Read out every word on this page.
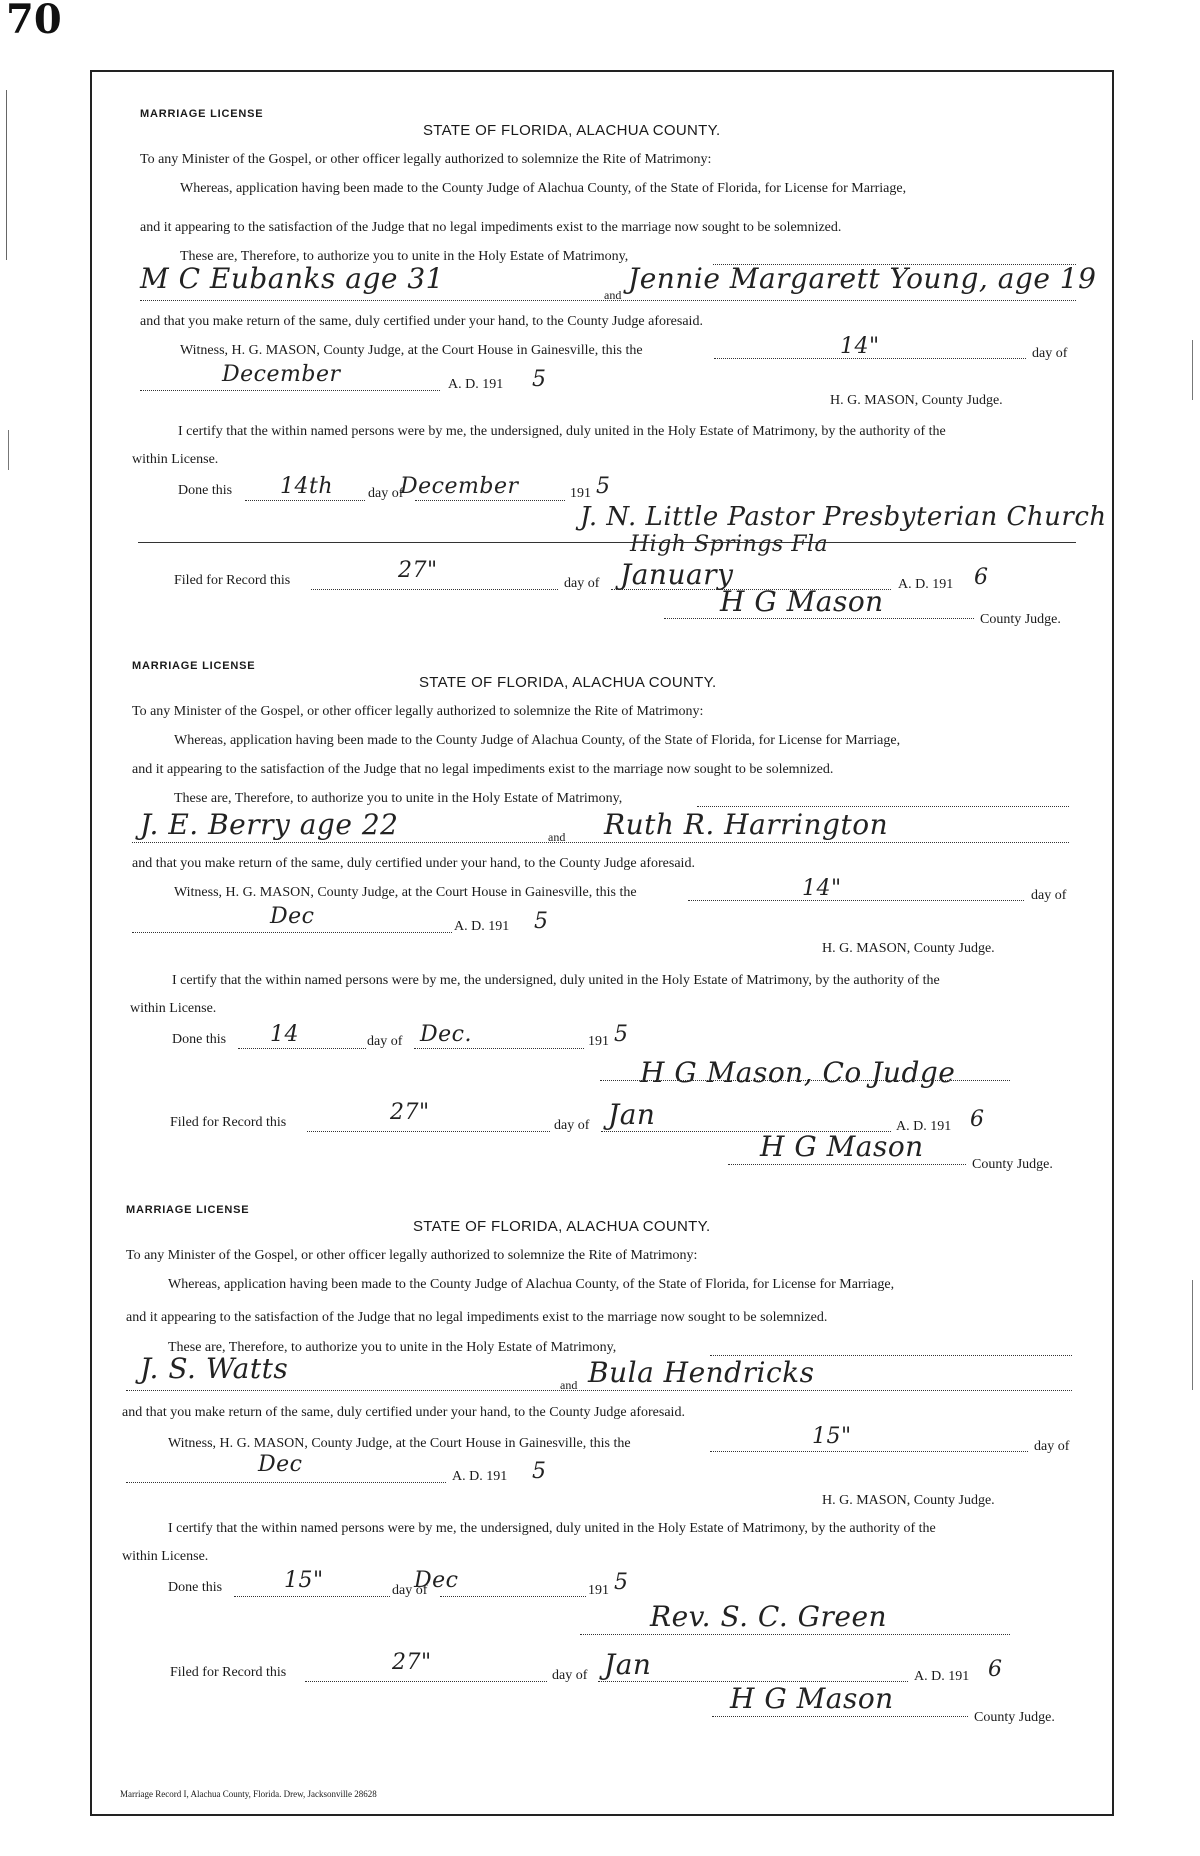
70
MARRIAGE LICENSE
STATE OF FLORIDA, ALACHUA COUNTY.
To any Minister of the Gospel, or other officer legally authorized to solemnize the Rite of Matrimony:
Whereas, application having been made to the County Judge of Alachua County, of the State of Florida, for License for Marriage,
and it appearing to the satisfaction of the Judge that no legal impediments exist to the marriage now sought to be solemnized.
These are, Therefore, to authorize you to unite in the Holy Estate of Matrimony,
M C Eubanks age 31	and Jennie Margarett Young, age 19
and that you make return of the same, duly certified under your hand, to the County Judge aforesaid.
Witness, H. G. MASON, County Judge, at the Court House in Gainesville, this the	14"	day of
December	A. D. 191 5
H. G. MASON, County Judge.
I certify that the within named persons were by me, the undersigned, duly united in the Holy Estate of Matrimony, by the authority of the
within License.
Done this 14th day of
December	191 5
J. N. Little Pastor Presbyterian Church
High Springs Fla
Filed for Record this	27"
day of January	A. D. 191 6
H G Mason
County Judge.
MARRIAGE LICENSE
STATE OF FLORIDA, ALACHUA COUNTY.
To any Minister of the Gospel, or other officer legally authorized to solemnize the Rite of Matrimony:
Whereas, application having been made to the County Judge of Alachua County, of the State of Florida, for License for Marriage,
and it appearing to the satisfaction of the Judge that no legal impediments exist to the marriage now sought to be solemnized.
These are, Therefore, to authorize you to unite in the Holy Estate of Matrimony,
J. E. Berry age 22	and Ruth R. Harrington
and that you make return of the same, duly certified under your hand, to the County Judge aforesaid.
Witness, H. G. MASON, County Judge, at the Court House in Gainesville, this the	14"	day of
Dec	A. D. 191 5
H. G. MASON, County Judge.
I certify that the within named persons were by me, the undersigned, duly united in the Holy Estate of Matrimony, by the authority of the
within License.
Done this 14	day of Dec.	191 5
H G Mason, Co Judge
Filed for Record this	27"
day of Jan	A. D. 191 6
H G Mason
County Judge.
MARRIAGE LICENSE
STATE OF FLORIDA, ALACHUA COUNTY.
To any Minister of the Gospel, or other officer legally authorized to solemnize the Rite of Matrimony:
Whereas, application having been made to the County Judge of Alachua County, of the State of Florida, for License for Marriage,
and it appearing to the satisfaction of the Judge that no legal impediments exist to the marriage now sought to be solemnized.
These are, Therefore, to authorize you to unite in the Holy Estate of Matrimony,
J. S. Watts	and Bula Hendricks
and that you make return of the same, duly certified under your hand, to the County Judge aforesaid.
Witness, H. G. MASON, County Judge, at the Court House in Gainesville, this the	15"	day of
Dec	A. D. 191 5
H. G. MASON, County Judge.
I certify that the within named persons were by me, the undersigned, duly united in the Holy Estate of Matrimony, by the authority of the
within License.
Done this	15"	day of
Dec	191 5
Rev. S. C. Green
Filed for Record this	27"
day of Jan	A. D. 191 6
H G Mason
County Judge.
Marriage Record I, Alachua County, Florida. Drew, Jacksonville 28628
